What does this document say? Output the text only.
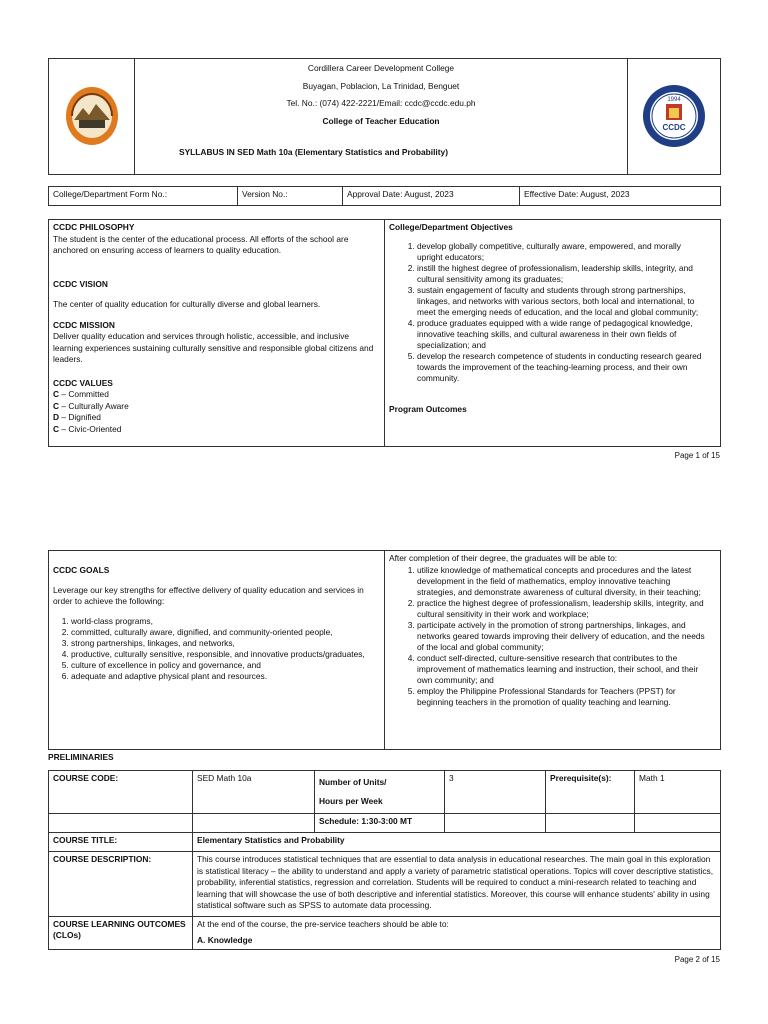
Cordillera Career Development College
Buyagan, Poblacion, La Trinidad, Benguet
Tel. No.: (074) 422-2221/Email: ccdc@ccdc.edu.ph
College of Teacher Education
SYLLABUS IN SED Math 10a (Elementary Statistics and Probability)

1994
CCDC
College/Department Form No.:	Version No.:	Approval Date: August, 2023	Effective Date: August, 2023
CCDC PHILOSOPHY
The student is the center of the educational process. All efforts of the school are anchored on ensuring access of learners to quality education.
CCDC VISION
The center of quality education for culturally diverse and global learners.
CCDC MISSION
Deliver quality education and services through holistic, accessible, and inclusive learning experiences sustaining culturally sensitive and responsible global citizens and leaders.
CCDC VALUES
C – Committed
C – Culturally Aware
D – Dignified
C – Civic-Oriented

College/Department Objectives
1. develop globally competitive, culturally aware, empowered, and morally upright educators;
2. instill the highest degree of professionalism, leadership skills, integrity, and cultural sensitivity among its graduates;
3. sustain engagement of faculty and students through strong partnerships, linkages, and networks with various sectors, both local and international, to meet the emerging needs of education, and the local and global community;
4. produce graduates equipped with a wide range of pedagogical knowledge, innovative teaching skills, and cultural awareness in their own fields of specialization; and
5. develop the research competence of students in conducting research geared towards the improvement of the teaching-learning process, and their own community.
Program Outcomes
Page 1 of 15
CCDC GOALS
Leverage our key strengths for effective delivery of quality education and services in order to achieve the following:
1. world-class programs,
2. committed, culturally aware, dignified, and community-oriented people,
3. strong partnerships, linkages, and networks,
4. productive, culturally sensitive, responsible, and innovative products/graduates,
5. culture of excellence in policy and governance, and
6. adequate and adaptive physical plant and resources.

After completion of their degree, the graduates will be able to:
1. utilize knowledge of mathematical concepts and procedures and the latest development in the field of mathematics, employ innovative teaching strategies, and demonstrate awareness of cultural diversity, in their teaching;
2. practice the highest degree of professionalism, leadership skills, integrity, and cultural sensitivity in their work and workplace;
3. participate actively in the promotion of strong partnerships, linkages, and networks geared towards improving their delivery of education, and the needs of the local and global community;
4. conduct self-directed, culture-sensitive research that contributes to the improvement of mathematics learning and instruction, their school, and their own community; and
5. employ the Philippine Professional Standards for Teachers (PPST) for beginning teachers in the promotion of quality teaching and learning.
PRELIMINARIES
COURSE CODE:	SED Math 10a	Number of Units/
Hours per Week	3	Prerequisite(s):	Math 1

		Schedule: 1:30-3:00 MT			
COURSE TITLE:	Elementary Statistics and Probability				
COURSE DESCRIPTION:	This course introduces statistical techniques that are essential to data analysis in educational researches. The main goal in this exploration is statistical literacy – the ability to understand and apply a variety of parametric statistical operations. Topics will cover descriptive statistics, probability, inferential statistics, regression and correlation. Students will be required to conduct a mini-research related to teaching and learning that will showcase the use of both descriptive and inferential statistics. Moreover, this course will enhance students' ability in using statistical software such as SPSS to automate data processing.				
COURSE LEARNING OUTCOMES (CLOs)	At the end of the course, the pre-service teachers should be able to:
A. Knowledge				
Page 2 of 15
